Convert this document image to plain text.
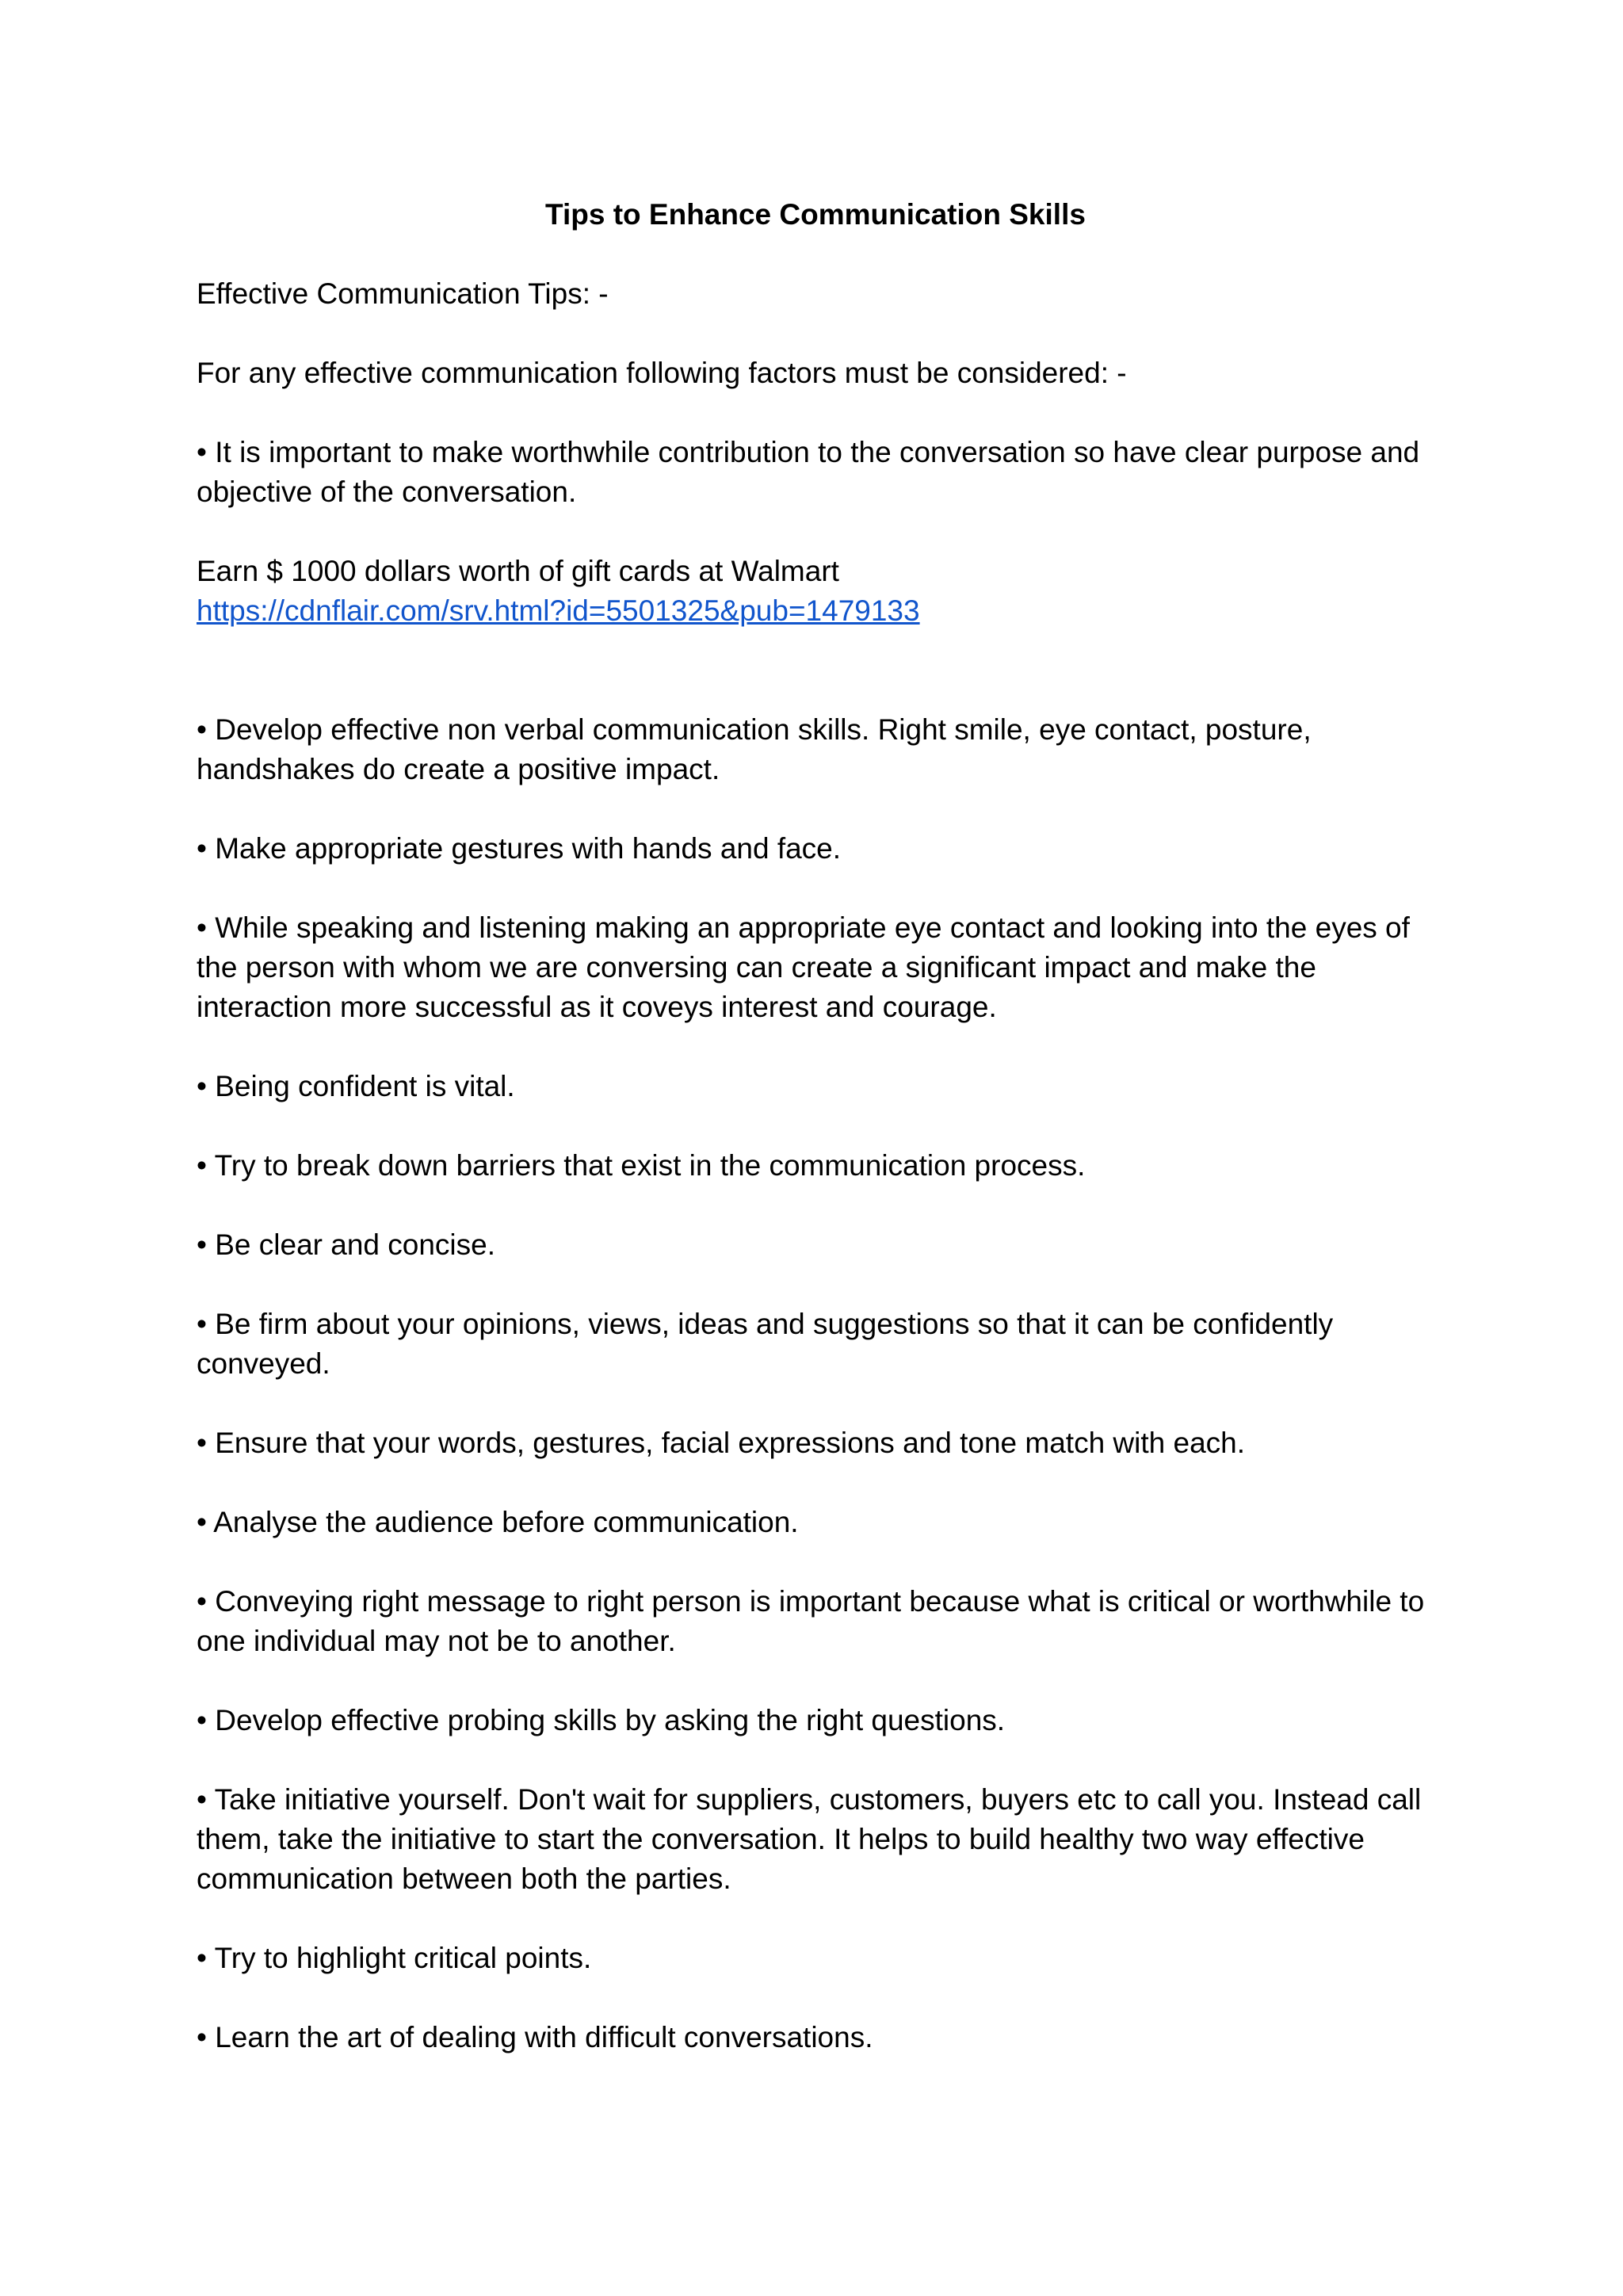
Tips to Enhance Communication Skills
Effective Communication Tips: -
For any effective communication following factors must be considered: -
• It is important to make worthwhile contribution to the conversation so have clear purpose and objective of the conversation.
Earn $ 1000 dollars worth of gift cards at Walmart
https://cdnflair.com/srv.html?id=5501325&pub=1479133
• Develop effective non verbal communication skills. Right smile, eye contact, posture, handshakes do create a positive impact.
• Make appropriate gestures with hands and face.
• While speaking and listening making an appropriate eye contact and looking into the eyes of the person with whom we are conversing can create a significant impact and make the interaction more successful as it coveys interest and courage.
• Being confident is vital.
• Try to break down barriers that exist in the communication process.
• Be clear and concise.
• Be firm about your opinions, views, ideas and suggestions so that it can be confidently conveyed.
• Ensure that your words, gestures, facial expressions and tone match with each.
• Analyse the audience before communication.
• Conveying right message to right person is important because what is critical or worthwhile to one individual may not be to another.
• Develop effective probing skills by asking the right questions.
• Take initiative yourself. Don't wait for suppliers, customers, buyers etc to call you. Instead call them, take the initiative to start the conversation. It helps to build healthy two way effective communication between both the parties.
• Try to highlight critical points.
• Learn the art of dealing with difficult conversations.
